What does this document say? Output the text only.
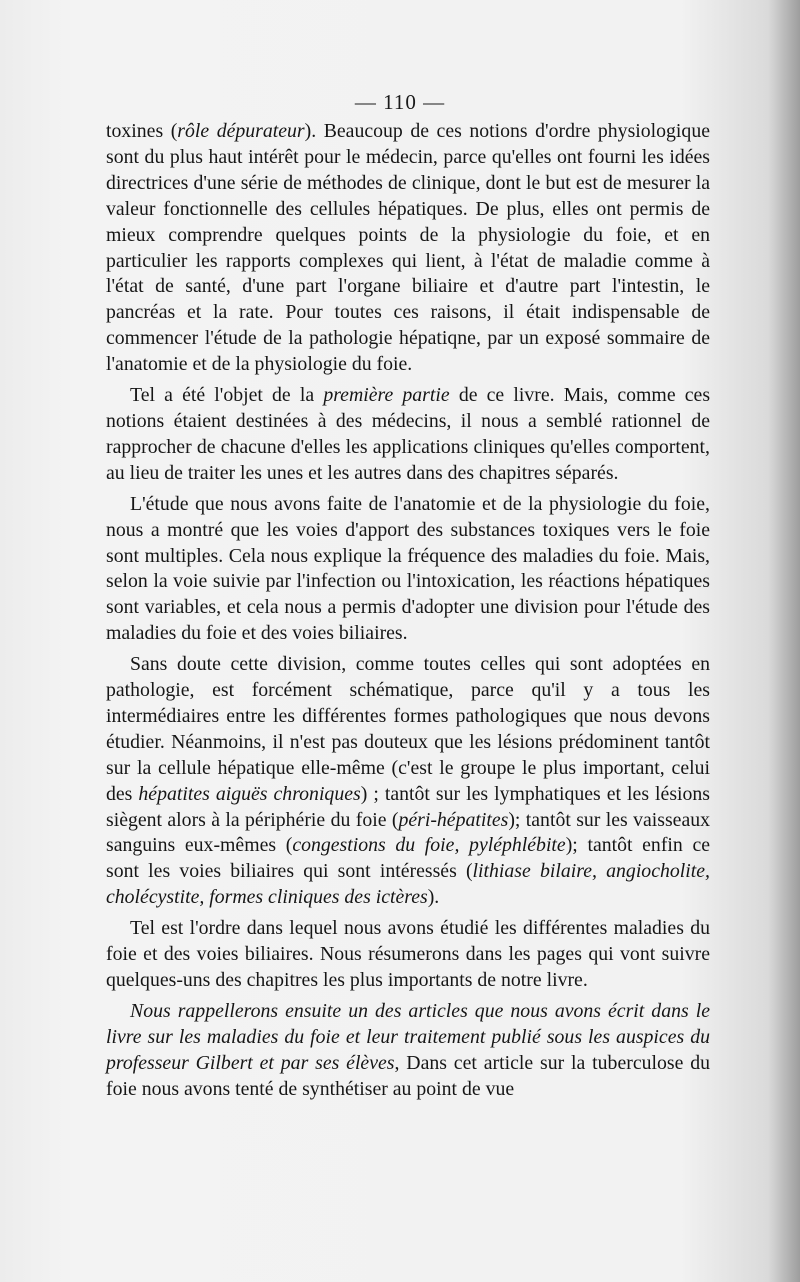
— 110 —

toxines (rôle dépurateur). Beaucoup de ces notions d'ordre physiologique sont du plus haut intérêt pour le médecin, parce qu'elles ont fourni les idées directrices d'une série de méthodes de clinique, dont le but est de mesurer la valeur fonctionnelle des cellules hépatiques. De plus, elles ont permis de mieux comprendre quelques points de la physiologie du foie, et en particulier les rapports complexes qui lient, à l'état de maladie comme à l'état de santé, d'une part l'organe biliaire et d'autre part l'intestin, le pancréas et la rate. Pour toutes ces raisons, il était indispensable de commencer l'étude de la pathologie hépatiqne, par un exposé sommaire de l'anatomie et de la physiologie du foie.

Tel a été l'objet de la première partie de ce livre. Mais, comme ces notions étaient destinées à des médecins, il nous a semblé rationnel de rapprocher de chacune d'elles les applications cliniques qu'elles comportent, au lieu de traiter les unes et les autres dans des chapitres séparés.

L'étude que nous avons faite de l'anatomie et de la physiologie du foie, nous a montré que les voies d'apport des substances toxiques vers le foie sont multiples. Cela nous explique la fréquence des maladies du foie. Mais, selon la voie suivie par l'infection ou l'intoxication, les réactions hépatiques sont variables, et cela nous a permis d'adopter une division pour l'étude des maladies du foie et des voies biliaires.

Sans doute cette division, comme toutes celles qui sont adoptées en pathologie, est forcément schématique, parce qu'il y a tous les intermédiaires entre les différentes formes pathologiques que nous devons étudier. Néanmoins, il n'est pas douteux que les lésions prédominent tantôt sur la cellule hépatique elle-même (c'est le groupe le plus important, celui des hépatites aiguës chroniques) ; tantôt sur les lymphatiques et les lésions siègent alors à la périphérie du foie (péri-hépatites); tantôt sur les vaisseaux sanguins eux-mêmes (congestions du foie, pyléphlébite); tantôt enfin ce sont les voies biliaires qui sont intéressés (lithiase bilaire, angiocholite, cholécystite, formes cliniques des ictères).

Tel est l'ordre dans lequel nous avons étudié les différentes maladies du foie et des voies biliaires. Nous résumerons dans les pages qui vont suivre quelques-uns des chapitres les plus importants de notre livre.

Nous rappellerons ensuite un des articles que nous avons écrit dans le livre sur les maladies du foie et leur traitement publié sous les auspices du professeur Gilbert et par ses élèves, Dans cet article sur la tuberculose du foie nous avons tenté de synthétiser au point de vue
